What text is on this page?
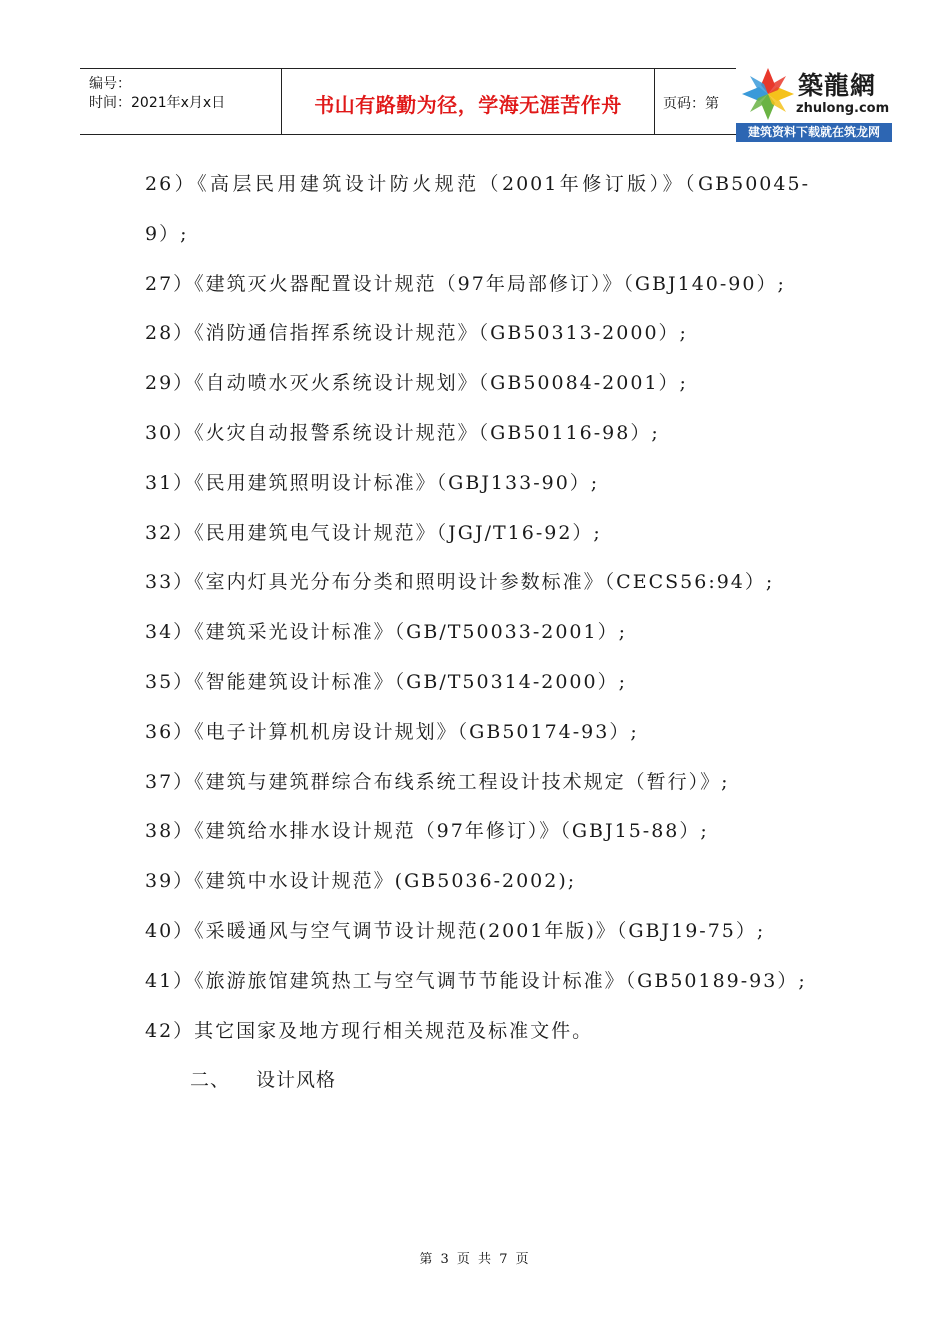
编号：
时间：2021年x月x日	书山有路勤为径，学海无涯苦作舟	页码：第
築龍網
zhulong.com
建筑资料下载就在筑龙网

26）《高层民用建筑设计防火规范（2001年修订版）》（GB50045-9）;

27）《建筑灭火器配置设计规范（97年局部修订）》（GBJ140-90）;

28）《消防通信指挥系统设计规范》（GB50313-2000）;

29）《自动喷水灭火系统设计规划》（GB50084-2001）;

30）《火灾自动报警系统设计规范》（GB50116-98）;

31）《民用建筑照明设计标准》（GBJ133-90）;

32）《民用建筑电气设计规范》（JGJ/T16-92）;

33）《室内灯具光分布分类和照明设计参数标准》（CECS56:94）;

34）《建筑采光设计标准》（GB/T50033-2001）;

35）《智能建筑设计标准》（GB/T50314-2000）;

36）《电子计算机机房设计规划》（GB50174-93）;

37）《建筑与建筑群综合布线系统工程设计技术规定（暂行）》;

38）《建筑给水排水设计规范（97年修订）》（GBJ15-88）;

39）《建筑中水设计规范》(GB5036-2002);

40）《采暖通风与空气调节设计规范(2001年版)》（GBJ19-75）;

41）《旅游旅馆建筑热工与空气调节节能设计标准》（GB50189-93）;

42）其它国家及地方现行相关规范及标准文件。

二、 设计风格

第 3 页 共 7 页
